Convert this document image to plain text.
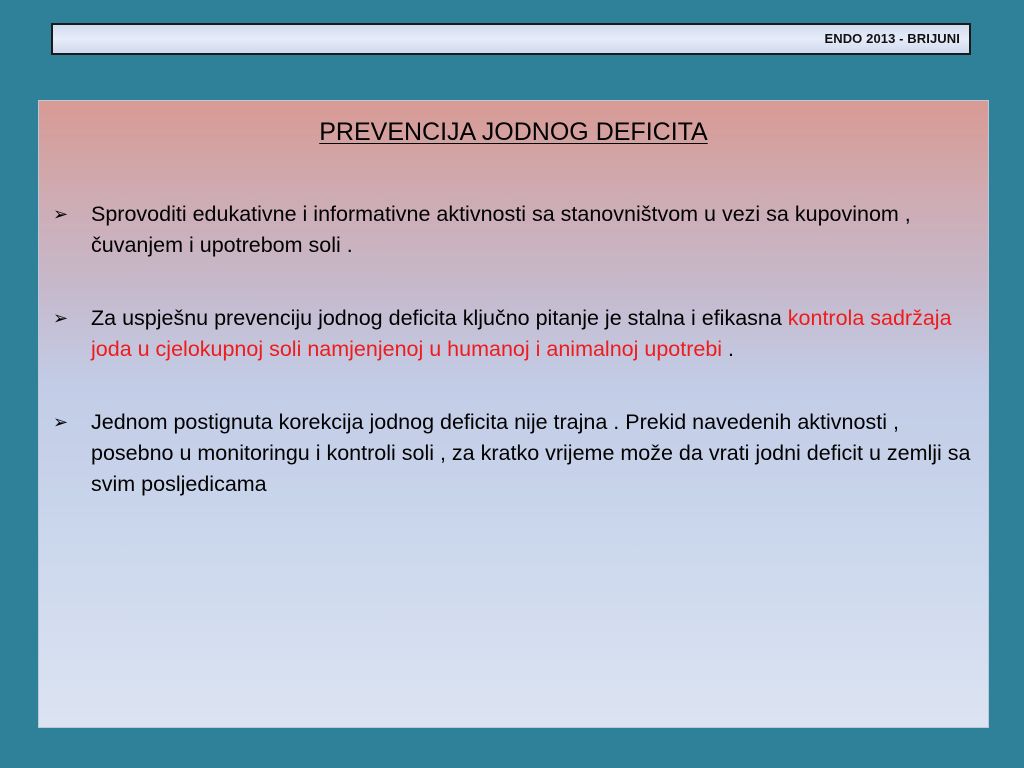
ENDO 2013 - BRIJUNI
PREVENCIJA JODNOG DEFICITA
➢ Sprovoditi edukativne i informativne aktivnosti sa stanovništvom u vezi sa kupovinom , čuvanjem i upotrebom soli .
➢ Za uspješnu prevenciju jodnog deficita ključno pitanje je stalna i efikasna kontrola sadržaja joda u cjelokupnoj soli namjenjenoj u humanoj i animalnoj upotrebi .
➢ Jednom postignuta korekcija jodnog deficita nije trajna . Prekid navedenih aktivnosti , posebno u monitoringu i kontroli soli , za kratko vrijeme može da vrati jodni deficit u zemlji sa svim posljedicama
